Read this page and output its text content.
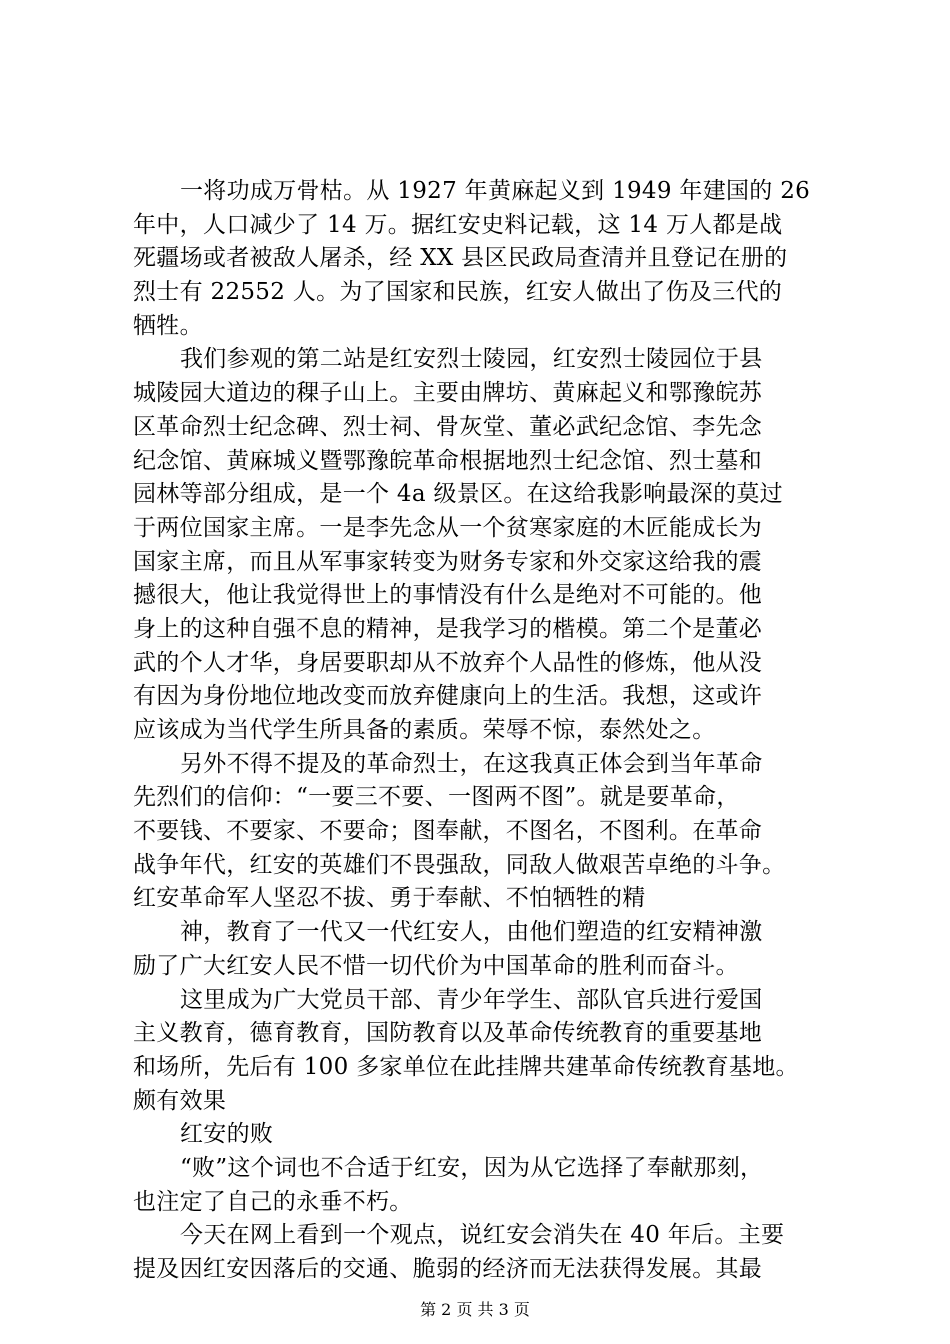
一将功成万骨枯。从 1927 年黄麻起义到 1949 年建国的 26
年中，人口减少了 14 万。据红安史料记载，这 14 万人都是战
死疆场或者被敌人屠杀，经 XX 县区民政局查清并且登记在册的
烈士有 22552 人。为了国家和民族，红安人做出了伤及三代的
牺牲。
我们参观的第二站是红安烈士陵园，红安烈士陵园位于县
城陵园大道边的稞子山上。主要由牌坊、黄麻起义和鄂豫皖苏
区革命烈士纪念碑、烈士祠、骨灰堂、董必武纪念馆、李先念
纪念馆、黄麻城义暨鄂豫皖革命根据地烈士纪念馆、烈士墓和
园林等部分组成，是一个 4a 级景区。在这给我影响最深的莫过
于两位国家主席。一是李先念从一个贫寒家庭的木匠能成长为
国家主席，而且从军事家转变为财务专家和外交家这给我的震
撼很大，他让我觉得世上的事情没有什么是绝对不可能的。他
身上的这种自强不息的精神，是我学习的楷模。第二个是董必
武的个人才华，身居要职却从不放弃个人品性的修炼，他从没
有因为身份地位地改变而放弃健康向上的生活。我想，这或许
应该成为当代学生所具备的素质。荣辱不惊，泰然处之。
另外不得不提及的革命烈士，在这我真正体会到当年革命
先烈们的信仰：“一要三不要、一图两不图”。就是要革命，
不要钱、不要家、不要命；图奉献，不图名，不图利。在革命
战争年代，红安的英雄们不畏强敌，同敌人做艰苦卓绝的斗争。
红安革命军人坚忍不拔、勇于奉献、不怕牺牲的精
神，教育了一代又一代红安人，由他们塑造的红安精神激
励了广大红安人民不惜一切代价为中国革命的胜利而奋斗。
这里成为广大党员干部、青少年学生、部队官兵进行爱国
主义教育，德育教育，国防教育以及革命传统教育的重要基地
和场所，先后有 100 多家单位在此挂牌共建革命传统教育基地。
颇有效果
红安的败
“败”这个词也不合适于红安，因为从它选择了奉献那刻，
也注定了自己的永垂不朽。
今天在网上看到一个观点，说红安会消失在 40 年后。主要
提及因红安因落后的交通、脆弱的经济而无法获得发展。其最
第 2 页 共 3 页
